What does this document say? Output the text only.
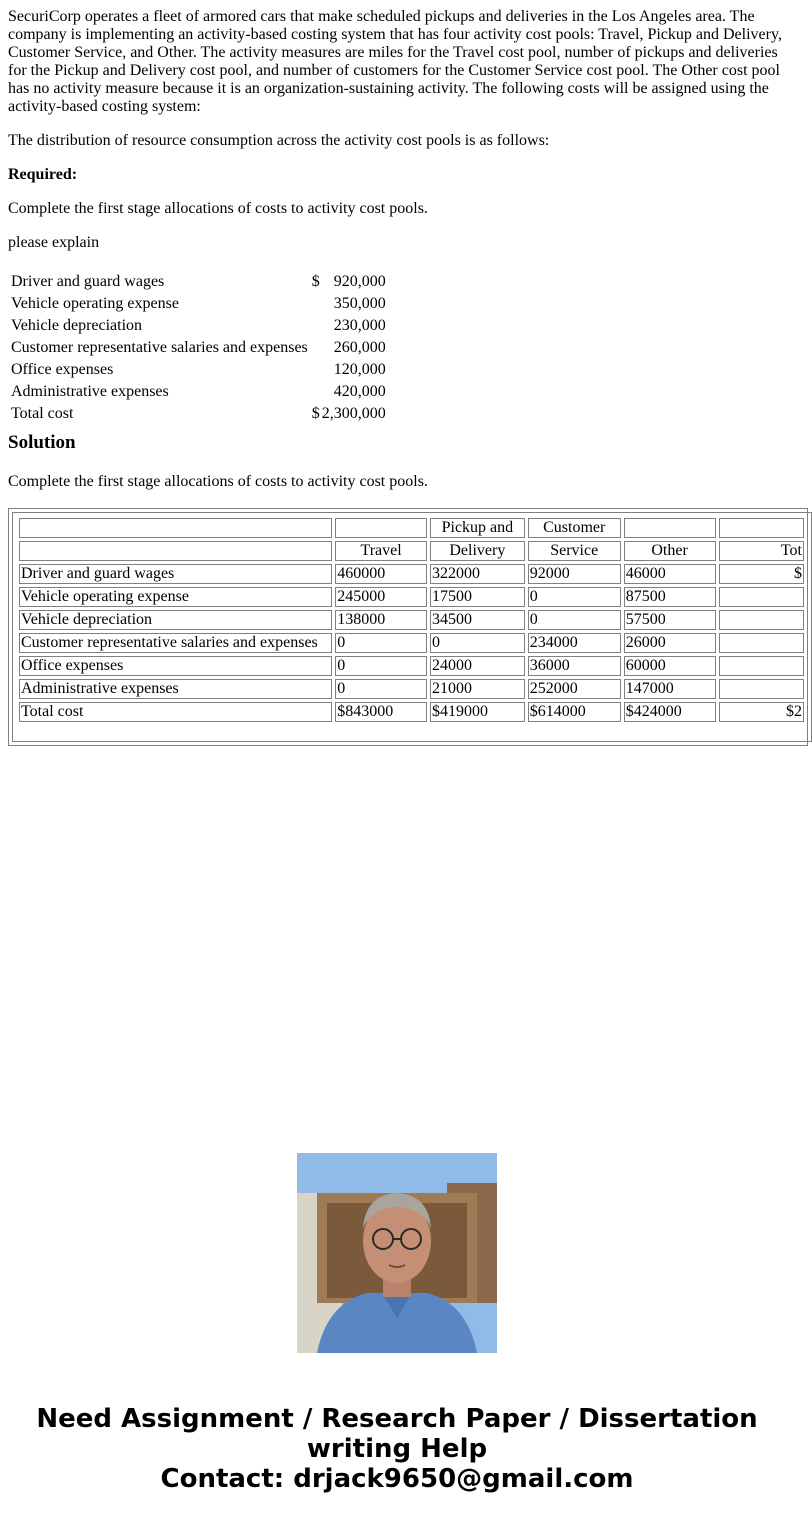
SecuriCorp operates a fleet of armored cars that make scheduled pickups and deliveries in the Los Angeles area. The company is implementing an activity-based costing system that has four activity cost pools: Travel, Pickup and Delivery, Customer Service, and Other. The activity measures are miles for the Travel cost pool, number of pickups and deliveries for the Pickup and Delivery cost pool, and number of customers for the Customer Service cost pool. The Other cost pool has no activity measure because it is an organization-sustaining activity. The following costs will be assigned using the activity-based costing system:

The distribution of resource consumption across the activity cost pools is as follows:

Required:

Complete the first stage allocations of costs to activity cost pools.

please explain

Driver and guard wages	$	920,000
Vehicle operating expense		350,000
Vehicle depreciation		230,000
Customer representative salaries and expenses		260,000
Office expenses		120,000
Administrative expenses		420,000
Total cost	$	2,300,000
Solution

Complete the first stage allocations of costs to activity cost pools.

		Pickup and	Customer		
	Travel	Delivery	Service	Other	Tot
Driver and guard wages	460000	322000	92000	46000	$
Vehicle operating expense	245000	17500	0	87500	
Vehicle depreciation	138000	34500	0	57500	
Customer representative salaries and expenses	0	0	234000	26000	
Office expenses	0	24000	36000	60000	
Administrative expenses	0	21000	252000	147000	
Total cost	$843000	$419000	$614000	$424000	$2
Need Assignment / Research Paper / Dissertation
writing Help
Contact: drjack9650@gmail.com
